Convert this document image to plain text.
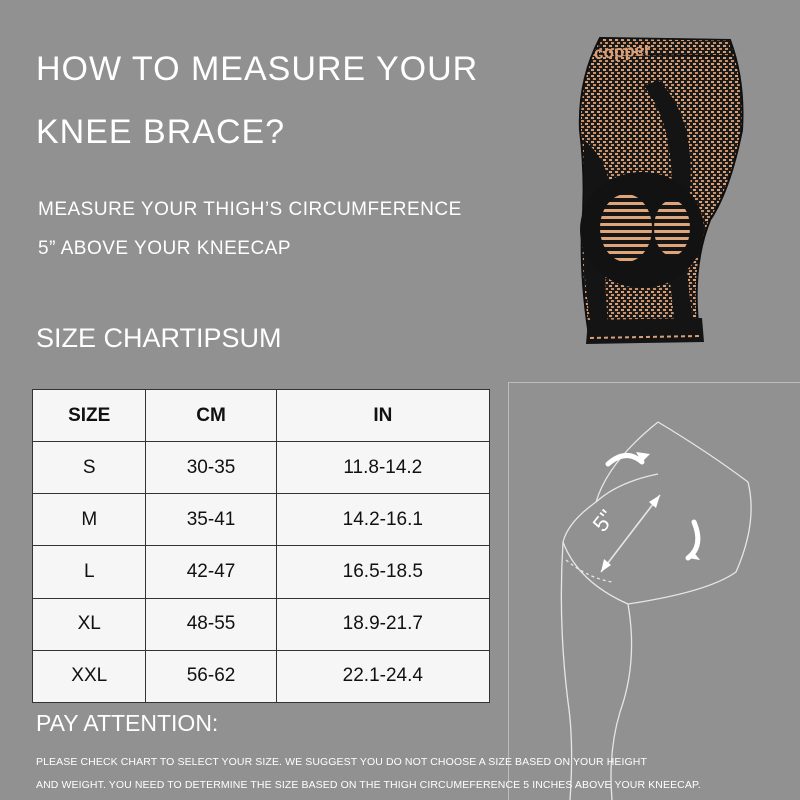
HOW TO MEASURE YOUR
KNEE BRACE?
MEASURE YOUR THIGH’S CIRCUMFERENCE
5” ABOVE YOUR KNEECAP
copper
SIZE CHARTIPSUM
SIZE	CM	IN
S	30-35	11.8-14.2
M	35-41	14.2-16.1
L	42-47	16.5-18.5
XL	48-55	18.9-21.7
XXL	56-62	22.1-24.4
5"
PAY ATTENTION:
PLEASE CHECK CHART TO SELECT YOUR SIZE. WE SUGGEST YOU DO NOT CHOOSE A SIZE BASED ON YOUR HEIGHT
AND WEIGHT. YOU NEED TO DETERMINE THE SIZE BASED ON THE THIGH CIRCUMEFERENCE 5 INCHES ABOVE YOUR KNEECAP.
